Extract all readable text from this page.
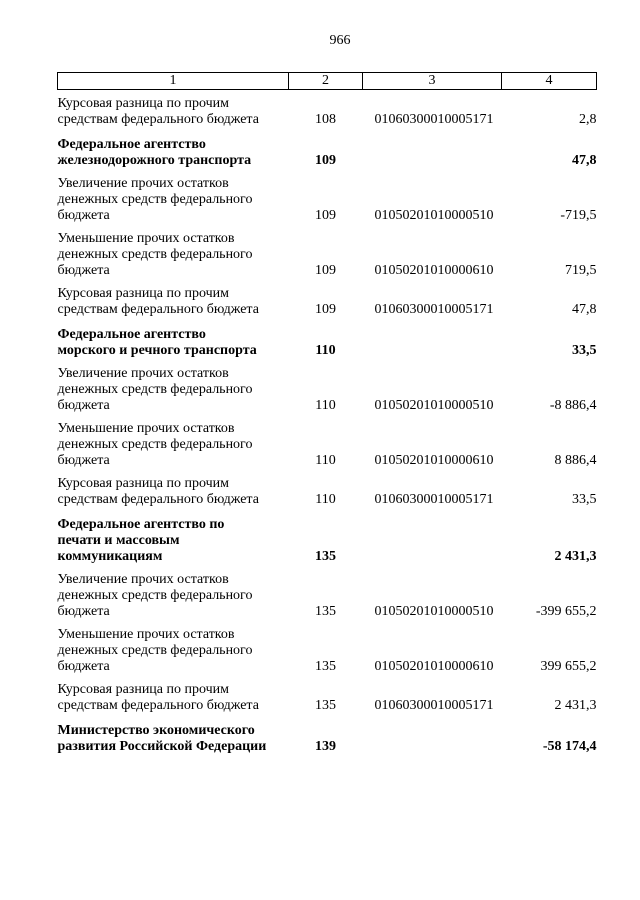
966
1	2	3	4

Курсовая разница по прочим
средствам федерального бюджета	108	01060300010005171	2,8

Федеральное агентство
железнодорожного транспорта	109		47,8

Увеличение прочих остатков
денежных средств федерального
бюджета	109	01050201010000510	-719,5

Уменьшение прочих остатков
денежных средств федерального
бюджета	109	01050201010000610	719,5

Курсовая разница по прочим
средствам федерального бюджета	109	01060300010005171	47,8

Федеральное агентство
морского и речного транспорта	110		33,5

Увеличение прочих остатков
денежных средств федерального
бюджета	110	01050201010000510	-8 886,4

Уменьшение прочих остатков
денежных средств федерального
бюджета	110	01050201010000610	8 886,4

Курсовая разница по прочим
средствам федерального бюджета	110	01060300010005171	33,5

Федеральное агентство по
печати и массовым
коммуникациям	135		2 431,3

Увеличение прочих остатков
денежных средств федерального
бюджета	135	01050201010000510	-399 655,2

Уменьшение прочих остатков
денежных средств федерального
бюджета	135	01050201010000610	399 655,2

Курсовая разница по прочим
средствам федерального бюджета	135	01060300010005171	2 431,3

Министерство экономического
развития Российской Федерации	139		-58 174,4
